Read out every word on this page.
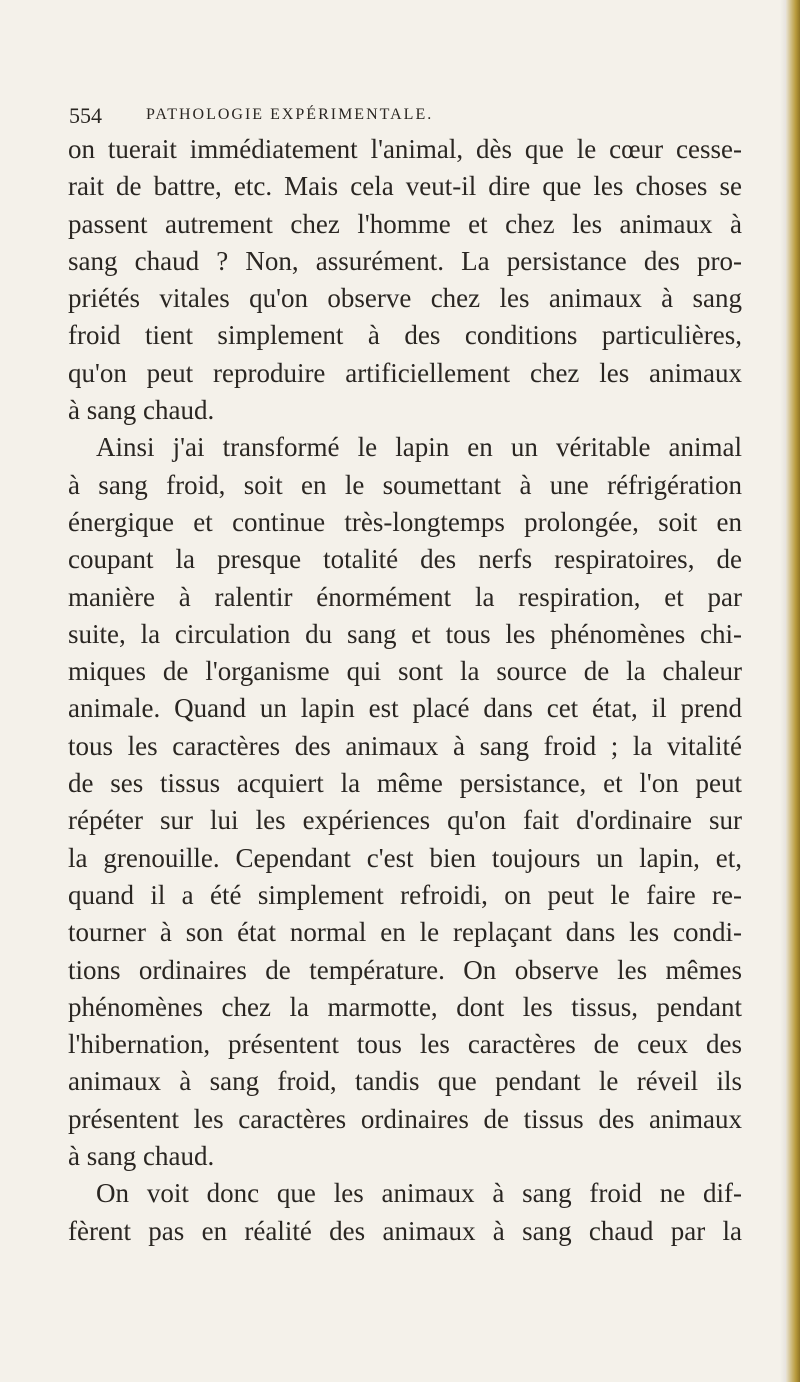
554	PATHOLOGIE EXPÉRIMENTALE.
on tuerait immédiatement l'animal, dès que le cœur cesse-
rait de battre, etc. Mais cela veut-il dire que les choses se
passent autrement chez l'homme et chez les animaux à
sang chaud ? Non, assurément. La persistance des pro-
priétés vitales qu'on observe chez les animaux à sang
froid tient simplement à des conditions particulières,
qu'on peut reproduire artificiellement chez les animaux
à sang chaud.
Ainsi j'ai transformé le lapin en un véritable animal
à sang froid, soit en le soumettant à une réfrigération
énergique et continue très-longtemps prolongée, soit en
coupant la presque totalité des nerfs respiratoires, de
manière à ralentir énormément la respiration, et par
suite, la circulation du sang et tous les phénomènes chi-
miques de l'organisme qui sont la source de la chaleur
animale. Quand un lapin est placé dans cet état, il prend
tous les caractères des animaux à sang froid ; la vitalité
de ses tissus acquiert la même persistance, et l'on peut
répéter sur lui les expériences qu'on fait d'ordinaire sur
la grenouille. Cependant c'est bien toujours un lapin, et,
quand il a été simplement refroidi, on peut le faire re-
tourner à son état normal en le replaçant dans les condi-
tions ordinaires de température. On observe les mêmes
phénomènes chez la marmotte, dont les tissus, pendant
l'hibernation, présentent tous les caractères de ceux des
animaux à sang froid, tandis que pendant le réveil ils
présentent les caractères ordinaires de tissus des animaux
à sang chaud.
On voit donc que les animaux à sang froid ne dif-
fèrent pas en réalité des animaux à sang chaud par la
